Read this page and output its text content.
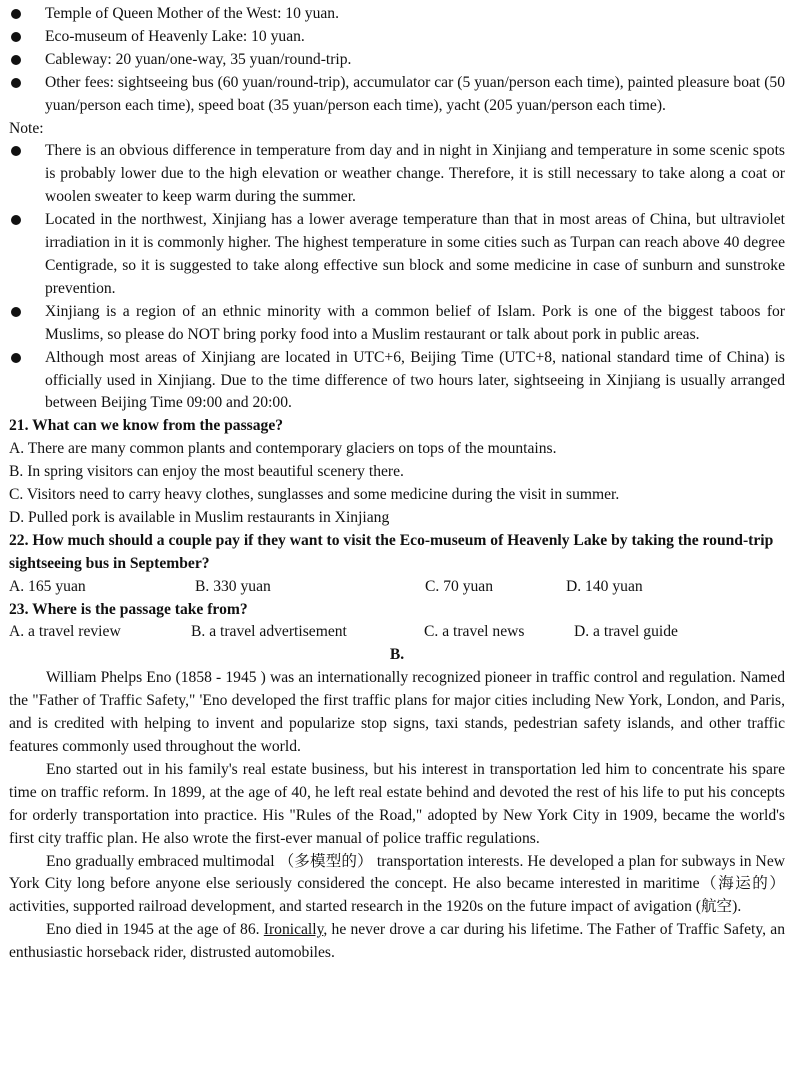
Temple of Queen Mother of the West: 10 yuan.
Eco-museum of Heavenly Lake: 10 yuan.
Cableway: 20 yuan/one-way, 35 yuan/round-trip.
Other fees: sightseeing bus (60 yuan/round-trip), accumulator car (5 yuan/person each time), painted pleasure boat (50 yuan/person each time), speed boat (35 yuan/person each time), yacht (205 yuan/person each time).
Note:
There is an obvious difference in temperature from day and in night in Xinjiang and temperature in some scenic spots is probably lower due to the high elevation or weather change. Therefore, it is still necessary to take along a coat or woolen sweater to keep warm during the summer.
Located in the northwest, Xinjiang has a lower average temperature than that in most areas of China, but ultraviolet irradiation in it is commonly higher. The highest temperature in some cities such as Turpan can reach above 40 degree Centigrade, so it is suggested to take along effective sun block and some medicine in case of sunburn and sunstroke prevention.
Xinjiang is a region of an ethnic minority with a common belief of Islam. Pork is one of the biggest taboos for Muslims, so please do NOT bring porky food into a Muslim restaurant or talk about pork in public areas.
Although most areas of Xinjiang are located in UTC+6, Beijing Time (UTC+8, national standard time of China) is officially used in Xinjiang. Due to the time difference of two hours later, sightseeing in Xinjiang is usually arranged between Beijing Time 09:00 and 20:00.
21. What can we know from the passage?
A. There are many common plants and contemporary glaciers on tops of the mountains.
B. In spring visitors can enjoy the most beautiful scenery there.
C. Visitors need to carry heavy clothes, sunglasses and some medicine during the visit in summer.
D. Pulled pork is available in Muslim restaurants in Xinjiang
22. How much should a couple pay if they want to visit the Eco-museum of Heavenly Lake by taking the round-trip sightseeing bus in September?
A. 165 yuan	B. 330 yuan	C. 70 yuan	D. 140 yuan
23. Where is the passage take from?
A. a travel review	B. a travel advertisement	C. a travel news	D. a travel guide
B.
William Phelps Eno (1858 - 1945 ) was an internationally recognized pioneer in traffic control and regulation. Named the "Father of Traffic Safety," 'Eno developed the first traffic plans for major cities including New York, London, and Paris, and is credited with helping to invent and popularize stop signs, taxi stands, pedestrian safety islands, and other traffic features commonly used throughout the world.
Eno started out in his family's real estate business, but his interest in transportation led him to concentrate his spare time on traffic reform. In 1899, at the age of 40, he left real estate behind and devoted the rest of his life to put his concepts for orderly transportation into practice. His "Rules of the Road," adopted by New York City in 1909, became the world's first city traffic plan. He also wrote the first-ever manual of police traffic regulations.
Eno gradually embraced multimodal （多模型的） transportation interests. He developed a plan for subways in New York City long before anyone else seriously considered the concept. He also became interested in maritime（海运的） activities, supported railroad development, and started research in the 1920s on the future impact of avigation (航空).
Eno died in 1945 at the age of 86. Ironically, he never drove a car during his lifetime. The Father of Traffic Safety, an enthusiastic horseback rider, distrusted automobiles.
